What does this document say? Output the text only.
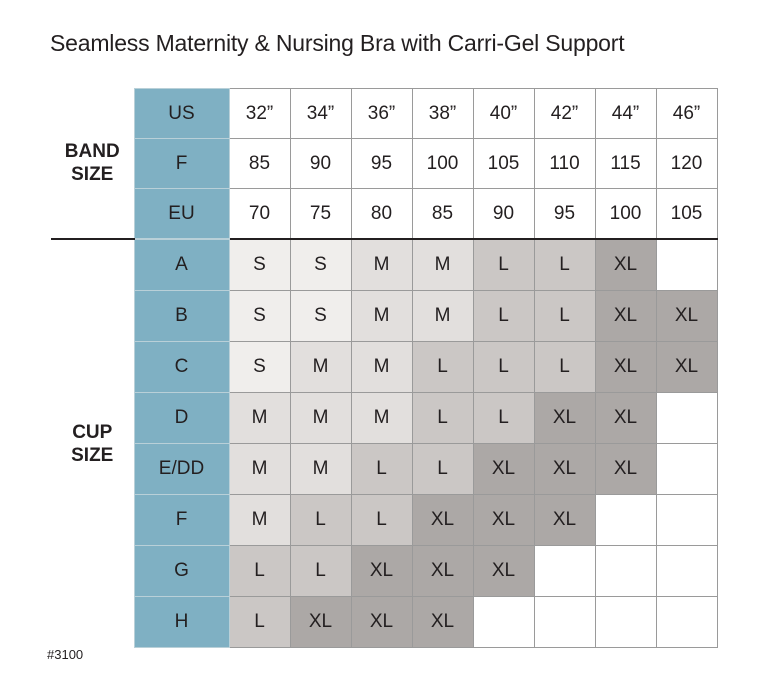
Seamless Maternity & Nursing Bra with Carri-Gel Support
BAND
SIZE	US	32”	34”	36”	38”	40”	42”	44”	46”
	F	85	90	95	100	105	110	115	120
	EU	70	75	80	85	90	95	100	105

CUP
SIZE	A	S	S	M	M	L	L	XL	
	B	S	S	M	M	L	L	XL	XL
	C	S	M	M	L	L	L	XL	XL
	D	M	M	M	L	L	XL	XL	
	E/DD	M	M	L	L	XL	XL	XL	
	F	M	L	L	XL	XL	XL		
	G	L	L	XL	XL	XL			
	H	L	XL	XL	XL				
#3100
